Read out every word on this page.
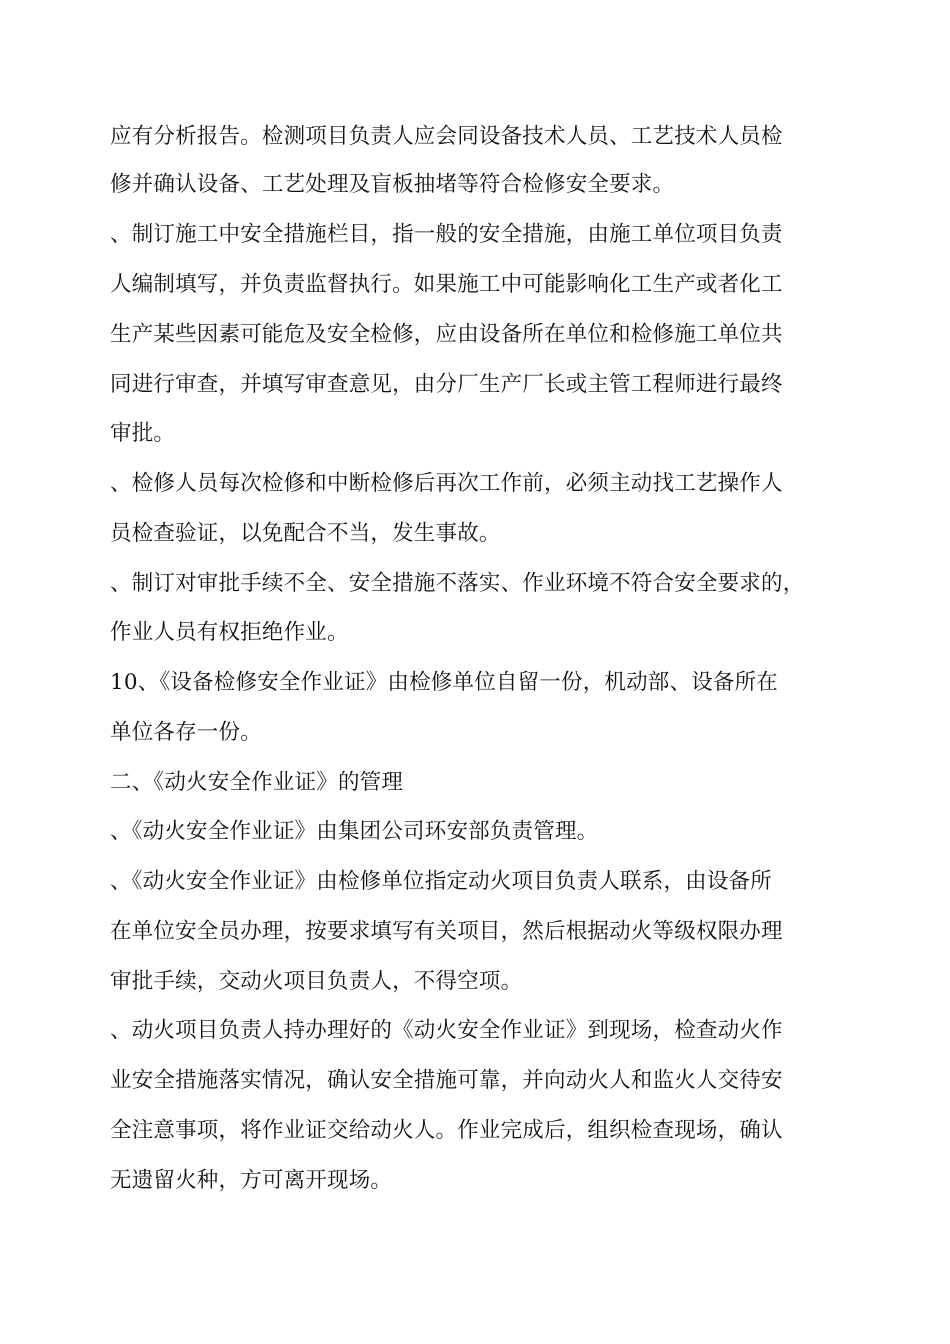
应有分析报告。检测项目负责人应会同设备技术人员、工艺技术人员检
修并确认设备、工艺处理及盲板抽堵等符合检修安全要求。
、制订施工中安全措施栏目，指一般的安全措施，由施工单位项目负责
人编制填写，并负责监督执行。如果施工中可能影响化工生产或者化工
生产某些因素可能危及安全检修，应由设备所在单位和检修施工单位共
同进行审查，并填写审查意见，由分厂生产厂长或主管工程师进行最终
审批。
、检修人员每次检修和中断检修后再次工作前，必须主动找工艺操作人
员检查验证，以免配合不当，发生事故。
、制订对审批手续不全、安全措施不落实、作业环境不符合安全要求的，
作业人员有权拒绝作业。
10、《设备检修安全作业证》由检修单位自留一份，机动部、设备所在
单位各存一份。
二、《动火安全作业证》的管理
、《动火安全作业证》由集团公司环安部负责管理。
、《动火安全作业证》由检修单位指定动火项目负责人联系，由设备所
在单位安全员办理，按要求填写有关项目，然后根据动火等级权限办理
审批手续，交动火项目负责人，不得空项。
、动火项目负责人持办理好的《动火安全作业证》到现场，检查动火作
业安全措施落实情况，确认安全措施可靠，并向动火人和监火人交待安
全注意事项，将作业证交给动火人。作业完成后，组织检查现场，确认
无遗留火种，方可离开现场。
